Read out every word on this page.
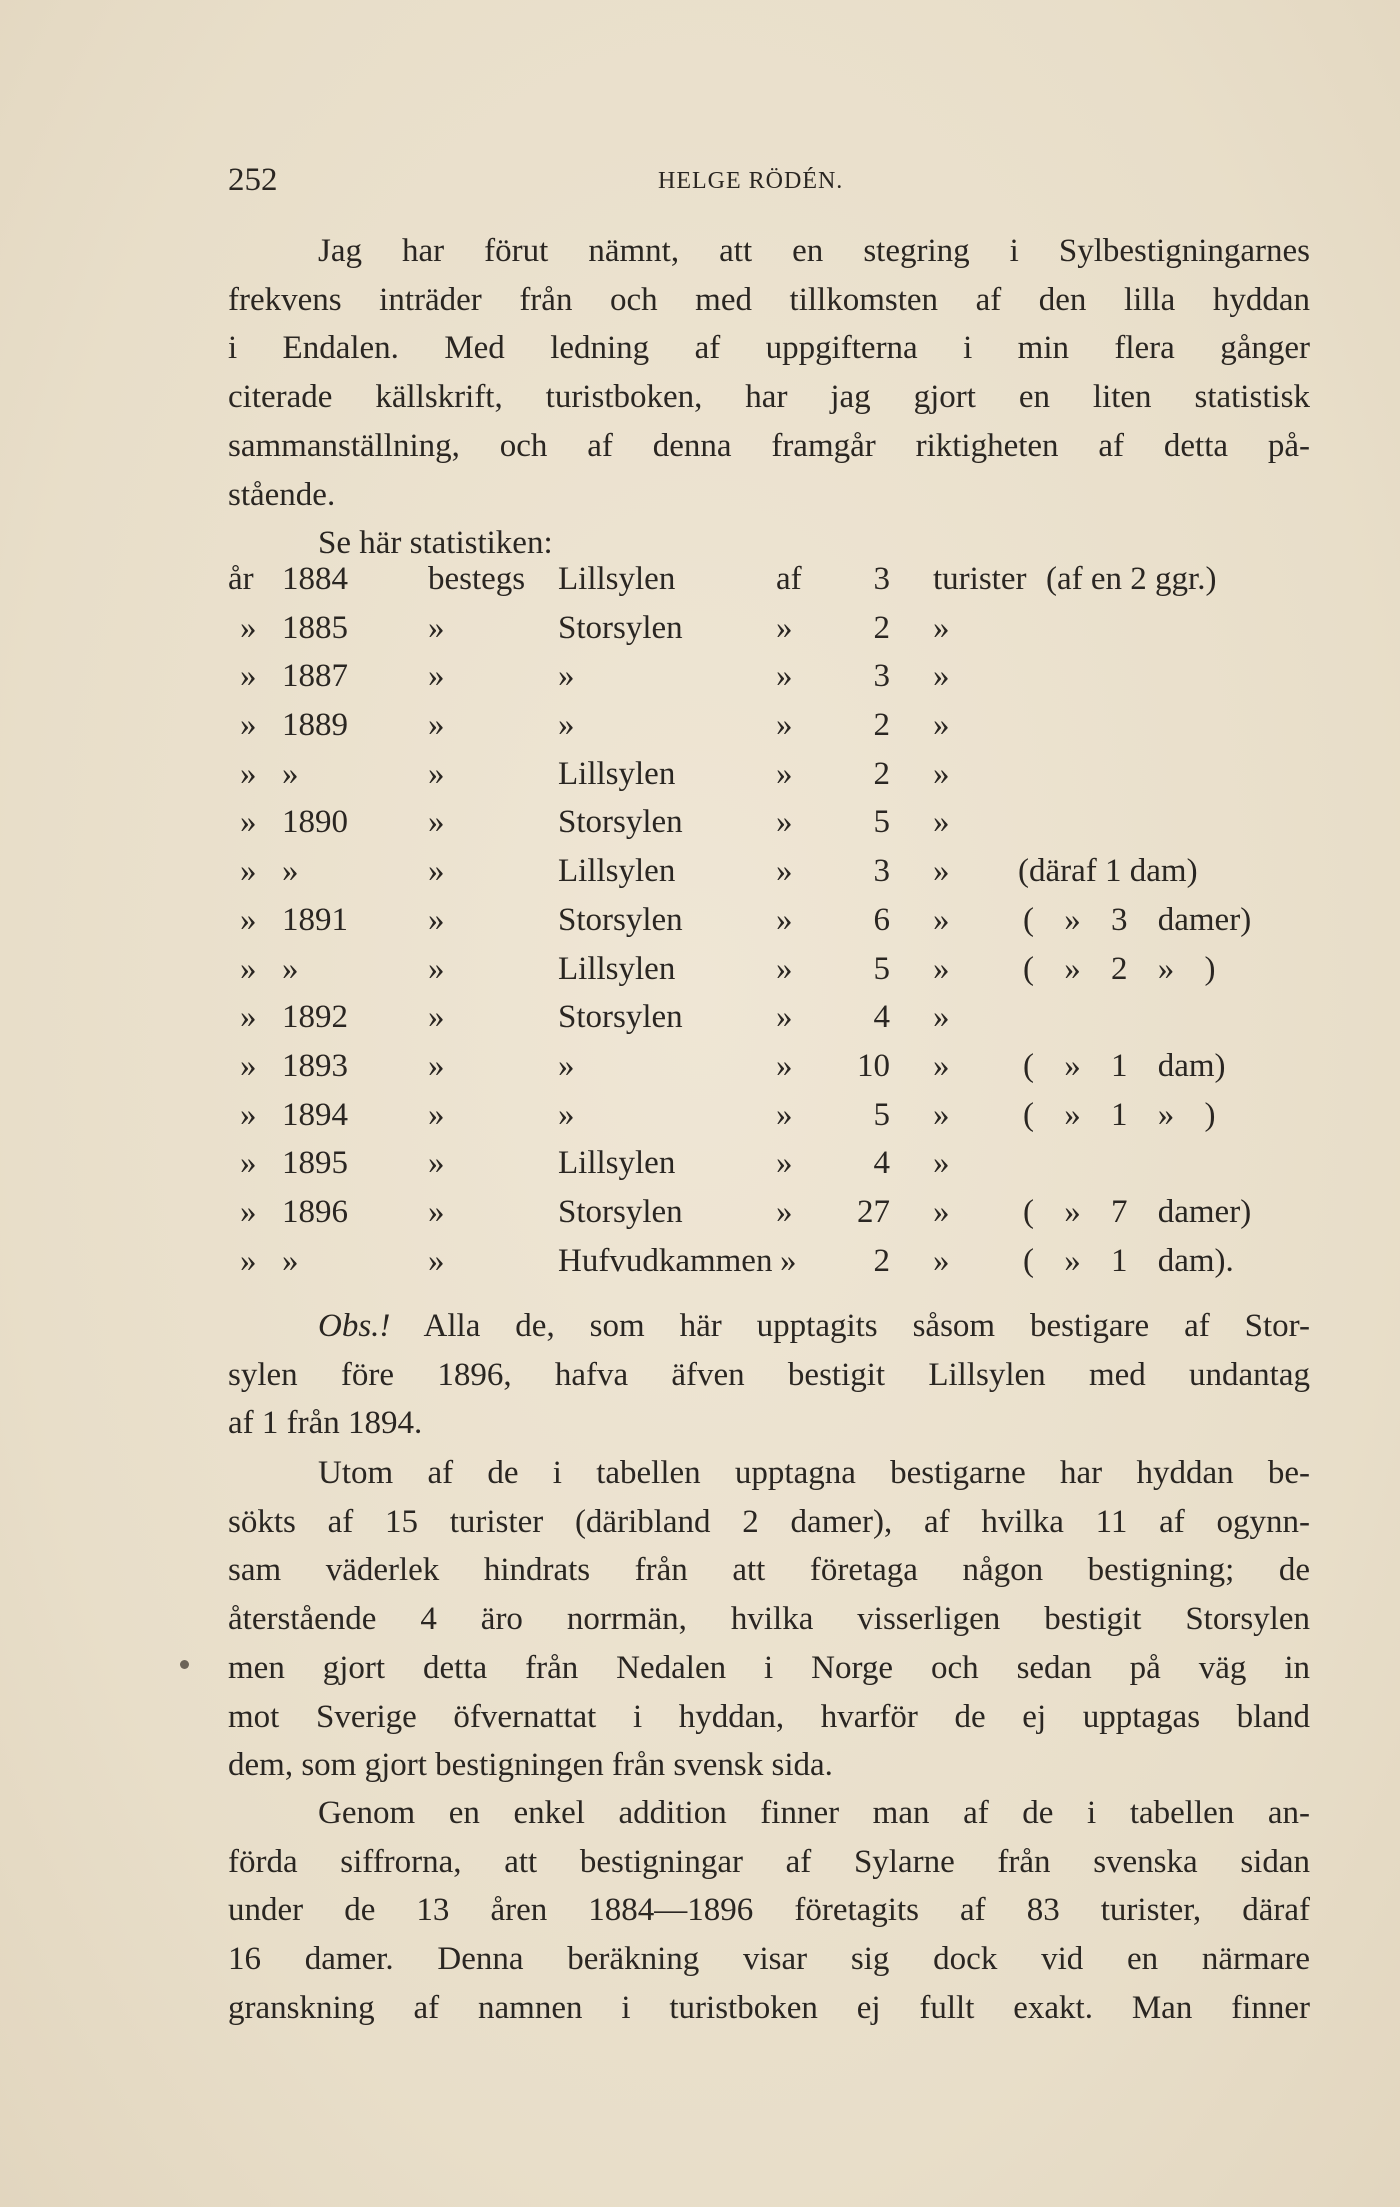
252	HELGE RÖDÉN.

Jag har förut nämnt, att en stegring i Sylbestigningarnes

frekvens inträder från och med tillkomsten af den lilla hyddan

i Endalen. Med ledning af uppgifterna i min flera gånger

citerade källskrift, turistboken, har jag gjort en liten statistisk

sammanställning, och af denna framgår riktigheten af detta på-

stående.

Se här statistiken:

år 1884 bestegs Lillsylen	af	3 turister (af en 2 ggr.)
» 1885 »	Storsylen	»	2 »
» 1887 »	»	»	3 »
» 1889 »	»	»	2 »
» »	»	Lillsylen	»	2 »
» 1890 »	Storsylen	»	5 »
» »	»	Lillsylen	»	3 » (däraf 1 dam)
» 1891 »	Storsylen	»	6 » ( » 3 damer)
» »	»	Lillsylen	»	5 » ( » 2 » )
» 1892 »	Storsylen	»	4 »
» 1893 »	»	»	10 » ( » 1 dam)
» 1894 »	»	»	5 » ( » 1 » )
» 1895 »	Lillsylen	»	4 »
» 1896 »	Storsylen	»	27 » ( » 7 damer)
» »	»	Hufvudkammen »	2 » ( » 1 dam).

Obs.! Alla de, som här upptagits såsom bestigare af Stor-

sylen före 1896, hafva äfven bestigit Lillsylen med undantag

af 1 från 1894.

Utom af de i tabellen upptagna bestigarne har hyddan be-

sökts af 15 turister (däribland 2 damer), af hvilka 11 af ogynn-

sam väderlek hindrats från att företaga någon bestigning; de

återstående 4 äro norrmän, hvilka visserligen bestigit Storsylen

men gjort detta från Nedalen i Norge och sedan på väg in

mot Sverige öfvernattat i hyddan, hvarför de ej upptagas bland

dem, som gjort bestigningen från svensk sida.

Genom en enkel addition finner man af de i tabellen an-

förda siffrorna, att bestigningar af Sylarne från svenska sidan

under de 13 åren 1884—1896 företagits af 83 turister, däraf

16 damer. Denna beräkning visar sig dock vid en närmare

granskning af namnen i turistboken ej fullt exakt. Man finner
